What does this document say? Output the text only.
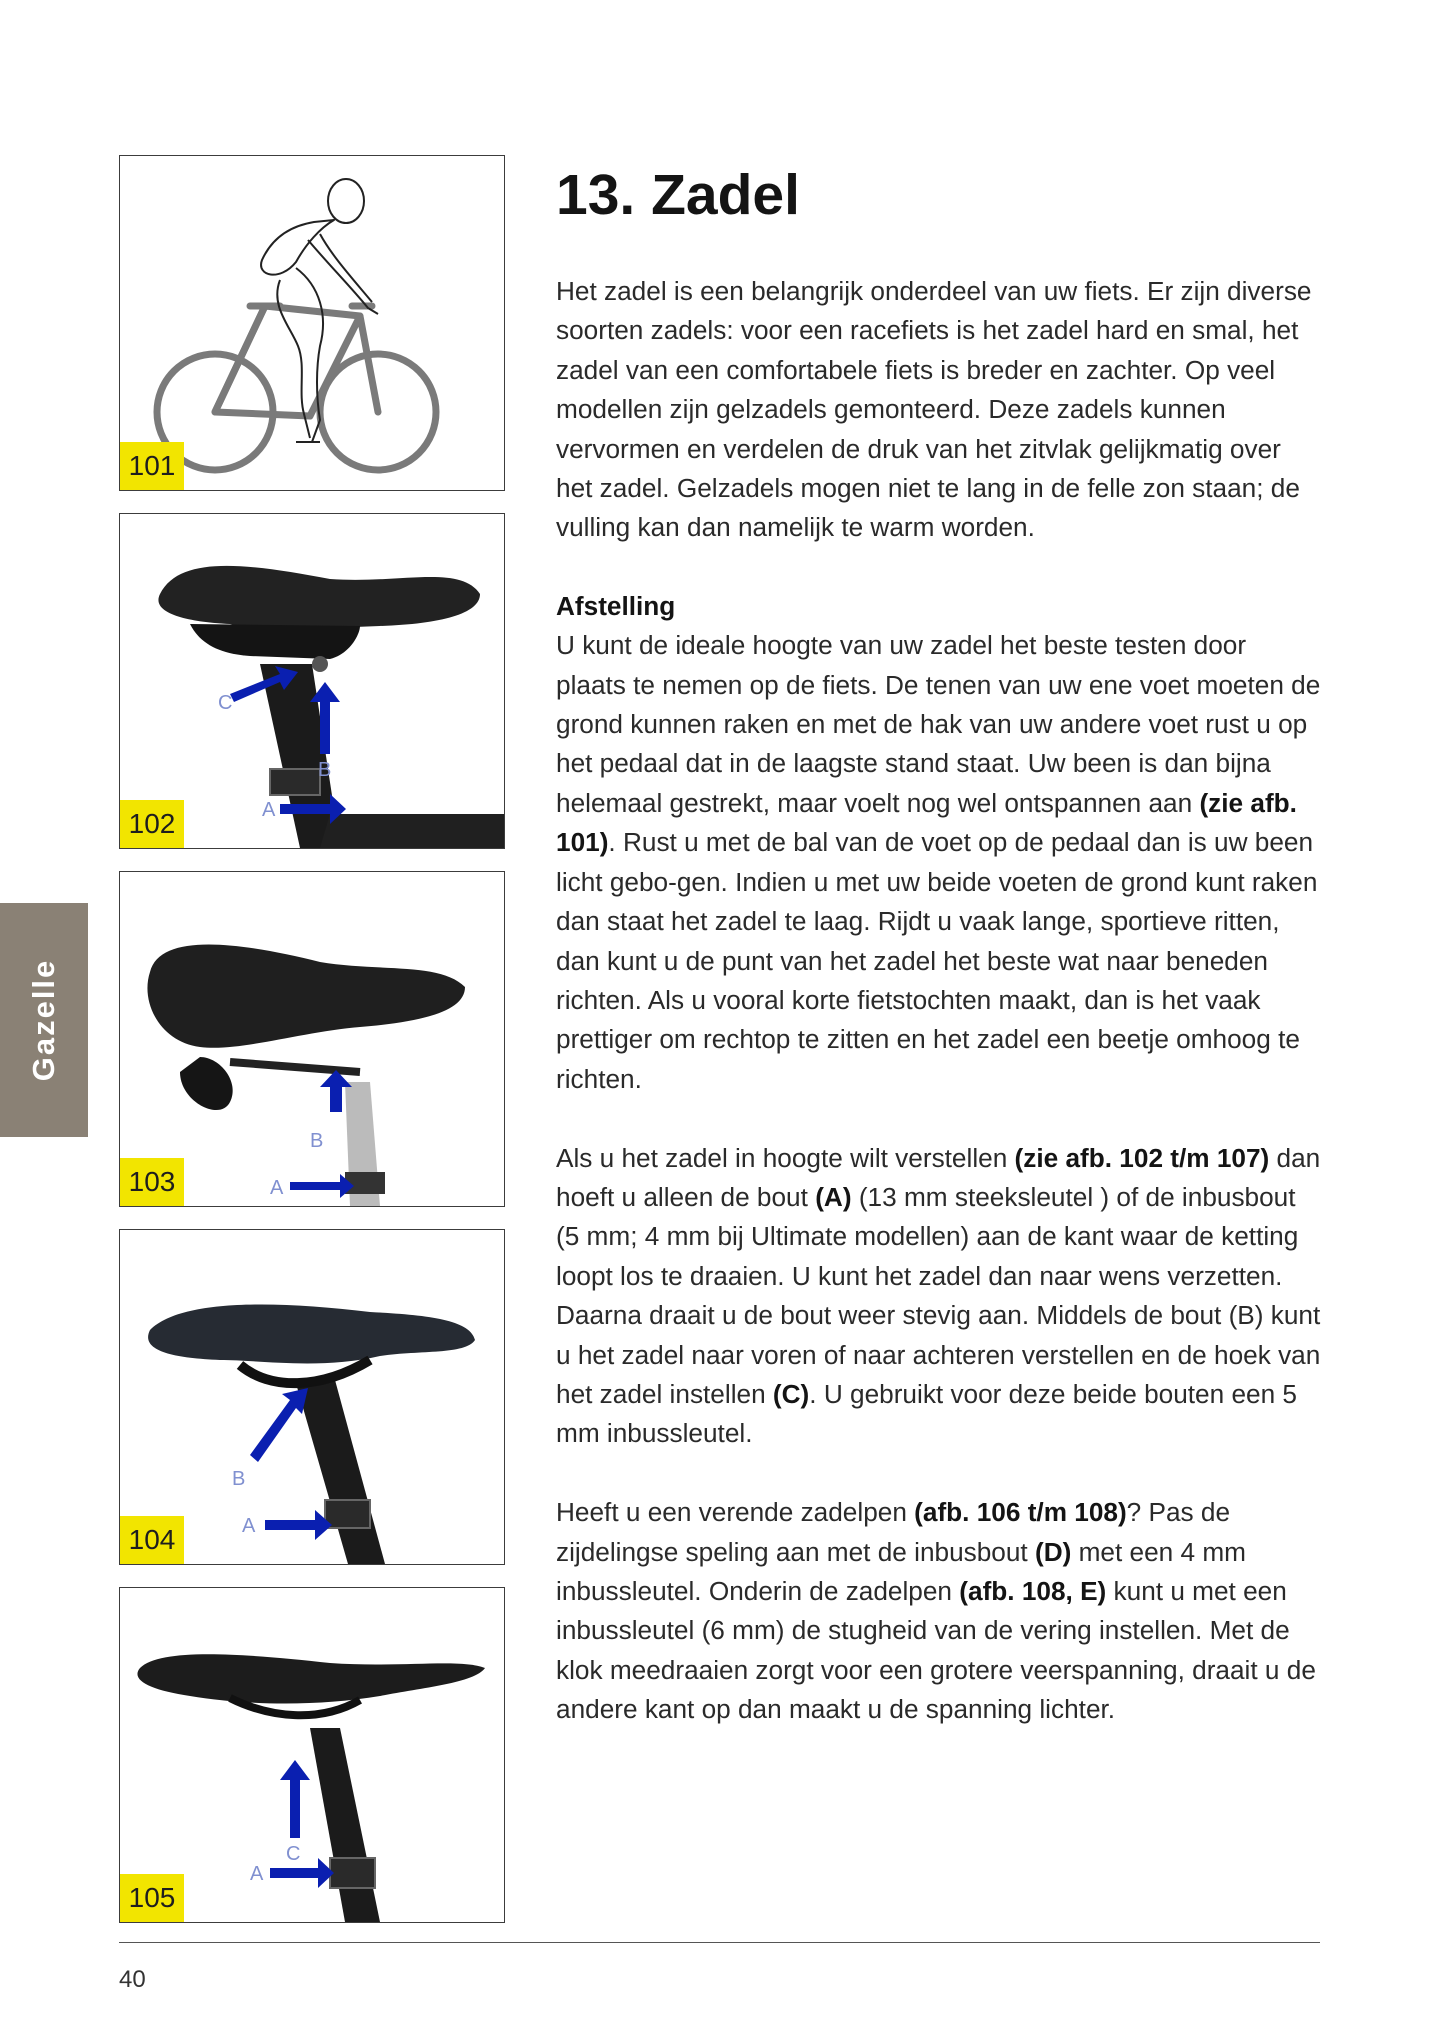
Gazelle
101
C
B
A
102
B
A
103
B
A
104
C
A
105
13. Zadel

Het zadel is een belangrijk onderdeel van uw fiets. Er zijn diverse soorten zadels: voor een racefiets is het zadel hard en smal, het zadel van een comfortabele fiets is breder en zachter. Op veel modellen zijn gelzadels gemonteerd. Deze zadels kunnen vervormen en verdelen de druk van het zitvlak gelijkmatig over het zadel. Gelzadels mogen niet te lang in de felle zon staan; de vulling kan dan namelijk te warm worden.

Afstelling

U kunt de ideale hoogte van uw zadel het beste testen door plaats te nemen op de fiets. De tenen van uw ene voet moeten de grond kunnen raken en met de hak van uw andere voet rust u op het pedaal dat in de laagste stand staat. Uw been is dan bijna helemaal gestrekt, maar voelt nog wel ontspannen aan (zie afb. 101). Rust u met de bal van de voet op de pedaal dan is uw been licht gebo-gen. Indien u met uw beide voeten de grond kunt raken dan staat het zadel te laag. Rijdt u vaak lange, sportieve ritten, dan kunt u de punt van het zadel het beste wat naar beneden richten. Als u vooral korte fietstochten maakt, dan is het vaak prettiger om rechtop te zitten en het zadel een beetje omhoog te richten.

Als u het zadel in hoogte wilt verstellen (zie afb. 102 t/m 107) dan hoeft u alleen de bout (A) (13 mm steeksleutel ) of de inbusbout (5 mm; 4 mm bij Ultimate modellen) aan de kant waar de ketting loopt los te draaien. U kunt het zadel dan naar wens verzetten. Daarna draait u de bout weer stevig aan. Middels de bout (B) kunt u het zadel naar voren of naar achteren verstellen en de hoek van het zadel instellen (C). U gebruikt voor deze beide bouten een 5 mm inbussleutel.

Heeft u een verende zadelpen (afb. 106 t/m 108)? Pas de zijdelingse speling aan met de inbusbout (D) met een 4 mm inbussleutel. Onderin de zadelpen (afb. 108, E) kunt u met een inbussleutel (6 mm) de stugheid van de vering instellen. Met de klok meedraaien zorgt voor een grotere veerspanning, draait u de andere kant op dan maakt u de spanning lichter.

40
